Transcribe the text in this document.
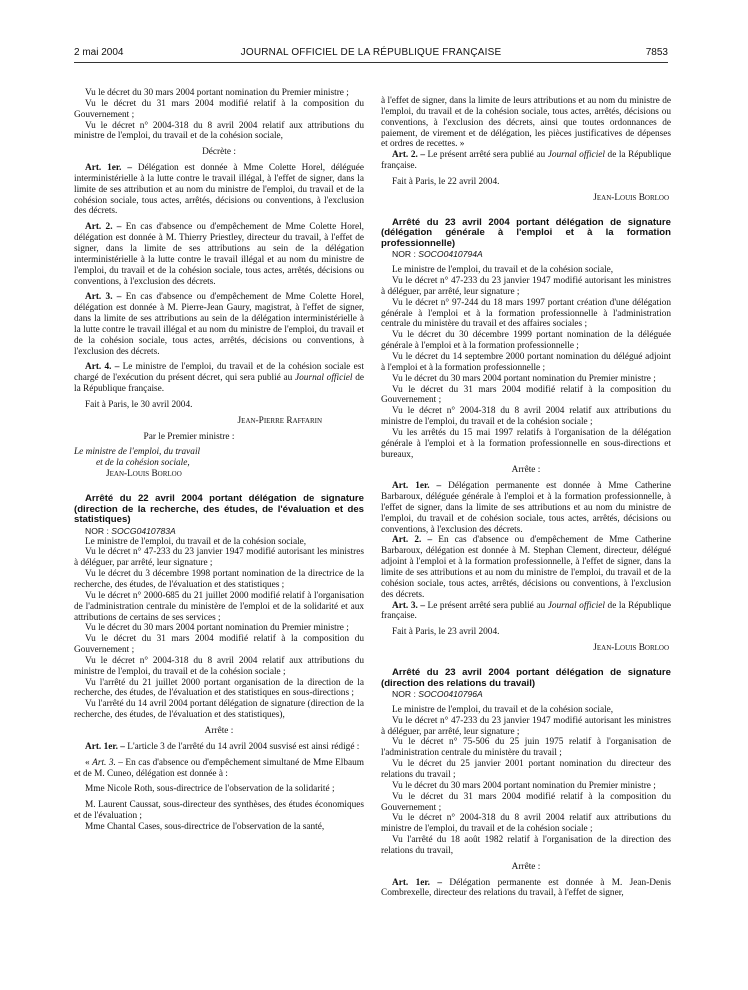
2 mai 2004	JOURNAL OFFICIEL DE LA RÉPUBLIQUE FRANÇAISE	7853

Vu le décret du 30 mars 2004 portant nomination du Premier ministre ;

Vu le décret du 31 mars 2004 modifié relatif à la composition du Gouvernement ;

Vu le décret n° 2004-318 du 8 avril 2004 relatif aux attributions du ministre de l'emploi, du travail et de la cohésion sociale,

Décrète :

Art. 1er. – Délégation est donnée à Mme Colette Horel, déléguée interministérielle à la lutte contre le travail illégal, à l'effet de signer, dans la limite de ses attribution et au nom du ministre de l'emploi, du travail et de la cohésion sociale, tous actes, arrêtés, décisions ou conventions, à l'exclusion des décrets.

Art. 2. – En cas d'absence ou d'empêchement de Mme Colette Horel, délégation est donnée à M. Thierry Priestley, directeur du travail, à l'effet de signer, dans la limite de ses attributions au sein de la délégation interministérielle à la lutte contre le travail illégal et au nom du ministre de l'emploi, du travail et de la cohésion sociale, tous actes, arrêtés, décisions ou conventions, à l'exclusion des décrets.

Art. 3. – En cas d'absence ou d'empêchement de Mme Colette Horel, délégation est donnée à M. Pierre-Jean Gaury, magistrat, à l'effet de signer, dans la limite de ses attributions au sein de la délégation interministérielle à la lutte contre le travail illégal et au nom du ministre de l'emploi, du travail et de la cohésion sociale, tous actes, arrêtés, décisions ou conventions, à l'exclusion des décrets.

Art. 4. – Le ministre de l'emploi, du travail et de la cohésion sociale est chargé de l'exécution du présent décret, qui sera publié au Journal officiel de la République française.

Fait à Paris, le 30 avril 2004.

Jean-Pierre Raffarin

Par le Premier ministre :

Le ministre de l'emploi, du travail

et de la cohésion sociale,

Jean-Louis Borloo

Arrêté du 22 avril 2004 portant délégation de signature (direction de la recherche, des études, de l'évaluation et des statistiques)

NOR : SOCG0410783A

Le ministre de l'emploi, du travail et de la cohésion sociale,

Vu le décret n° 47-233 du 23 janvier 1947 modifié autorisant les ministres à déléguer, par arrêté, leur signature ;

Vu le décret du 3 décembre 1998 portant nomination de la directrice de la recherche, des études, de l'évaluation et des statistiques ;

Vu le décret n° 2000-685 du 21 juillet 2000 modifié relatif à l'organisation de l'administration centrale du ministère de l'emploi et de la solidarité et aux attributions de certains de ses services ;

Vu le décret du 30 mars 2004 portant nomination du Premier ministre ;

Vu le décret du 31 mars 2004 modifié relatif à la composition du Gouvernement ;

Vu le décret n° 2004-318 du 8 avril 2004 relatif aux attributions du ministre de l'emploi, du travail et de la cohésion sociale ;

Vu l'arrêté du 21 juillet 2000 portant organisation de la direction de la recherche, des études, de l'évaluation et des statistiques en sous-directions ;

Vu l'arrêté du 14 avril 2004 portant délégation de signature (direction de la recherche, des études, de l'évaluation et des statistiques),

Arrête :

Art. 1er. – L'article 3 de l'arrêté du 14 avril 2004 susvisé est ainsi rédigé :

« Art. 3. – En cas d'absence ou d'empêchement simultané de Mme Elbaum et de M. Cuneo, délégation est donnée à :

Mme Nicole Roth, sous-directrice de l'observation de la solidarité ;

M. Laurent Caussat, sous-directeur des synthèses, des études économiques et de l'évaluation ;

Mme Chantal Cases, sous-directrice de l'observation de la santé,

à l'effet de signer, dans la limite de leurs attributions et au nom du ministre de l'emploi, du travail et de la cohésion sociale, tous actes, arrêtés, décisions ou conventions, à l'exclusion des décrets, ainsi que toutes ordonnances de paiement, de virement et de délégation, les pièces justificatives de dépenses et ordres de recettes. »

Art. 2. – Le présent arrêté sera publié au Journal officiel de la République française.

Fait à Paris, le 22 avril 2004.

Jean-Louis Borloo

Arrêté du 23 avril 2004 portant délégation de signature (délégation générale à l'emploi et à la formation professionnelle)

NOR : SOCO0410794A

Le ministre de l'emploi, du travail et de la cohésion sociale,

Vu le décret n° 47-233 du 23 janvier 1947 modifié autorisant les ministres à déléguer, par arrêté, leur signature ;

Vu le décret n° 97-244 du 18 mars 1997 portant création d'une délégation générale à l'emploi et à la formation professionnelle à l'administration centrale du ministère du travail et des affaires sociales ;

Vu le décret du 30 décembre 1999 portant nomination de la déléguée générale à l'emploi et à la formation professionnelle ;

Vu le décret du 14 septembre 2000 portant nomination du délégué adjoint à l'emploi et à la formation professionnelle ;

Vu le décret du 30 mars 2004 portant nomination du Premier ministre ;

Vu le décret du 31 mars 2004 modifié relatif à la composition du Gouvernement ;

Vu le décret n° 2004-318 du 8 avril 2004 relatif aux attributions du ministre de l'emploi, du travail et de la cohésion sociale ;

Vu les arrêtés du 15 mai 1997 relatifs à l'organisation de la délégation générale à l'emploi et à la formation professionnelle en sous-directions et bureaux,

Arrête :

Art. 1er. – Délégation permanente est donnée à Mme Catherine Barbaroux, déléguée générale à l'emploi et à la formation professionnelle, à l'effet de signer, dans la limite de ses attributions et au nom du ministre de l'emploi, du travail et de cohésion sociale, tous actes, arrêtés, décisions ou conventions, à l'exclusion des décrets.

Art. 2. – En cas d'absence ou d'empêchement de Mme Catherine Barbaroux, délégation est donnée à M. Stephan Clement, directeur, délégué adjoint à l'emploi et à la formation professionnelle, à l'effet de signer, dans la limite de ses attributions et au nom du ministre de l'emploi, du travail et de la cohésion sociale, tous actes, arrêtés, décisions ou conventions, à l'exclusion des décrets.

Art. 3. – Le présent arrêté sera publié au Journal officiel de la République française.

Fait à Paris, le 23 avril 2004.

Jean-Louis Borloo

Arrêté du 23 avril 2004 portant délégation de signature (direction des relations du travail)

NOR : SOCO0410796A

Le ministre de l'emploi, du travail et de la cohésion sociale,

Vu le décret n° 47-233 du 23 janvier 1947 modifié autorisant les ministres à déléguer, par arrêté, leur signature ;

Vu le décret n° 75-506 du 25 juin 1975 relatif à l'organisation de l'administration centrale du ministère du travail ;

Vu le décret du 25 janvier 2001 portant nomination du directeur des relations du travail ;

Vu le décret du 30 mars 2004 portant nomination du Premier ministre ;

Vu le décret du 31 mars 2004 modifié relatif à la composition du Gouvernement ;

Vu le décret n° 2004-318 du 8 avril 2004 relatif aux attributions du ministre de l'emploi, du travail et de la cohésion sociale ;

Vu l'arrêté du 18 août 1982 relatif à l'organisation de la direction des relations du travail,

Arrête :

Art. 1er. – Délégation permanente est donnée à M. Jean-Denis Combrexelle, directeur des relations du travail, à l'effet de signer,
